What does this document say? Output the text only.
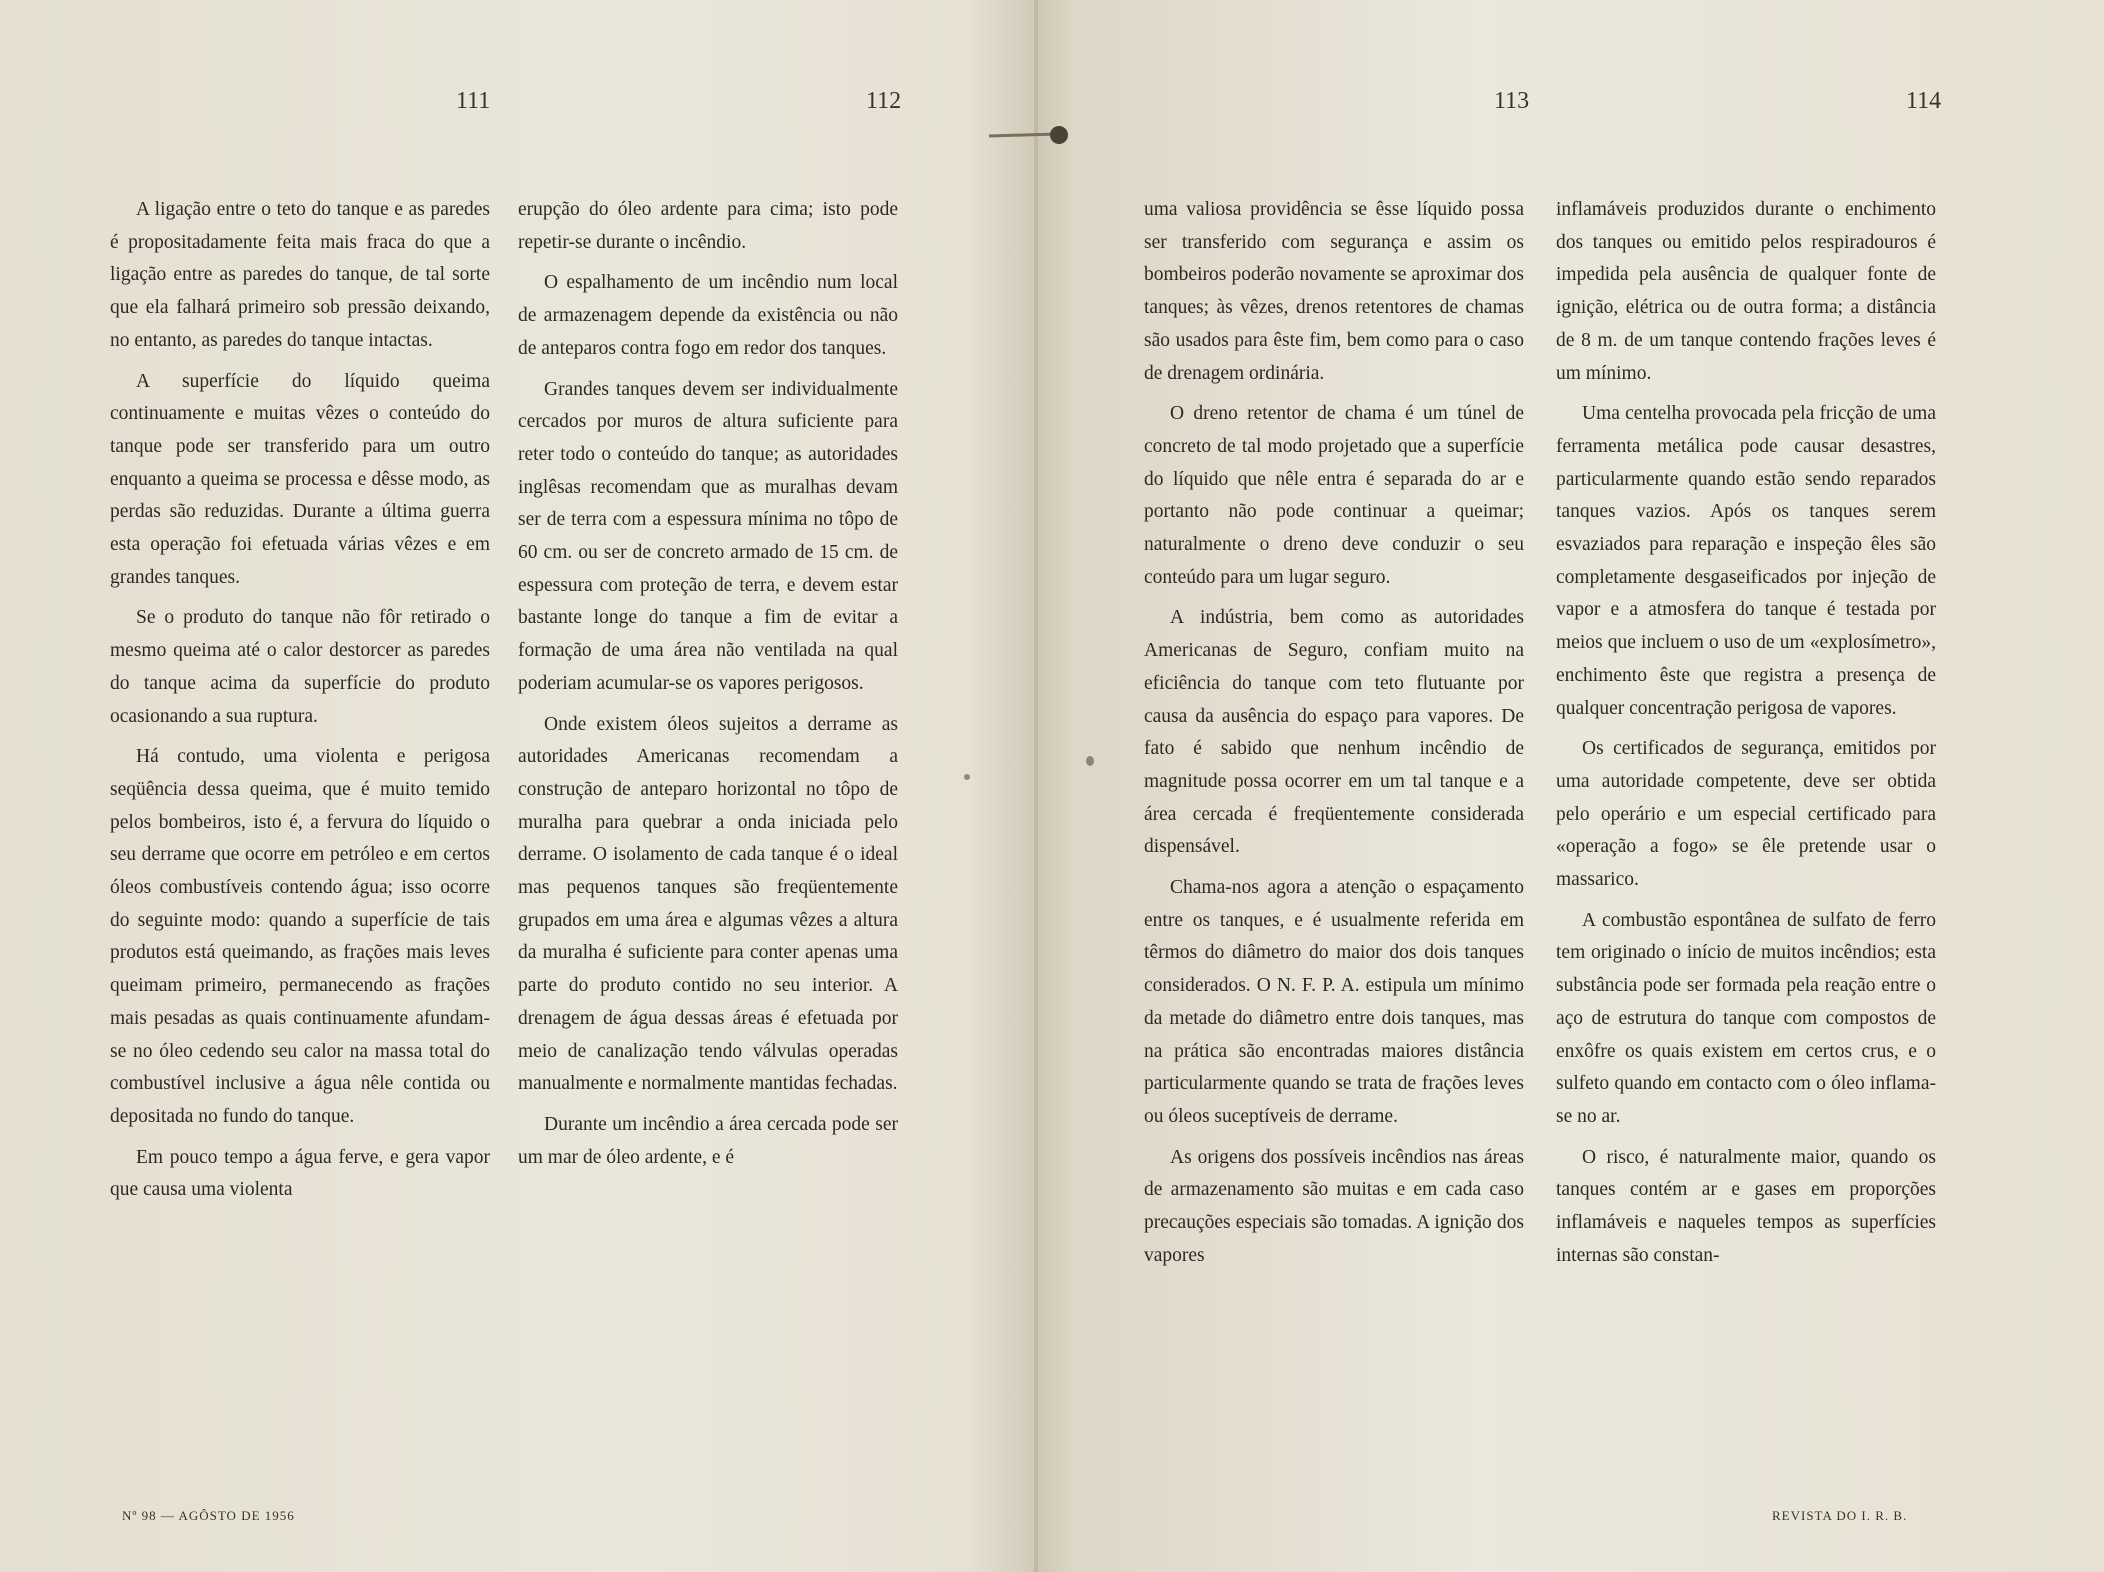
111	112	113	114

A ligação entre o teto do tanque e as paredes é propositadamente feita mais fraca do que a ligação entre as paredes do tanque, de tal sorte que ela falhará primeiro sob pressão deixando, no entanto, as paredes do tanque intactas.

A superfície do líquido queima continuamente e muitas vêzes o conteúdo do tanque pode ser transferido para um outro enquanto a queima se processa e dêsse modo, as perdas são reduzidas. Durante a última guerra esta operação foi efetuada várias vêzes e em grandes tanques.

Se o produto do tanque não fôr retirado o mesmo queima até o calor destorcer as paredes do tanque acima da superfície do produto ocasionando a sua ruptura.

Há contudo, uma violenta e perigosa seqüência dessa queima, que é muito temido pelos bombeiros, isto é, a fervura do líquido o seu derrame que ocorre em petróleo e em certos óleos combustíveis contendo água; isso ocorre do seguinte modo: quando a superfície de tais produtos está queimando, as frações mais leves queimam primeiro, permanecendo as frações mais pesadas as quais continuamente afundam-se no óleo cedendo seu calor na massa total do combustível inclusive a água nêle contida ou depositada no fundo do tanque.

Em pouco tempo a água ferve, e gera vapor que causa uma violenta

erupção do óleo ardente para cima; isto pode repetir-se durante o incêndio.

O espalhamento de um incêndio num local de armazenagem depende da existência ou não de anteparos contra fogo em redor dos tanques.

Grandes tanques devem ser individualmente cercados por muros de altura suficiente para reter todo o conteúdo do tanque; as autoridades inglêsas recomendam que as muralhas devam ser de terra com a espessura mínima no tôpo de 60 cm. ou ser de concreto armado de 15 cm. de espessura com proteção de terra, e devem estar bastante longe do tanque a fim de evitar a formação de uma área não ventilada na qual poderiam acumular-se os vapores perigosos.

Onde existem óleos sujeitos a derrame as autoridades Americanas recomendam a construção de anteparo horizontal no tôpo de muralha para quebrar a onda iniciada pelo derrame. O isolamento de cada tanque é o ideal mas pequenos tanques são freqüentemente grupados em uma área e algumas vêzes a altura da muralha é suficiente para conter apenas uma parte do produto contido no seu interior. A drenagem de água dessas áreas é efetuada por meio de canalização tendo válvulas operadas manualmente e normalmente mantidas fechadas.

Durante um incêndio a área cercada pode ser um mar de óleo ardente, e é

uma valiosa providência se êsse líquido possa ser transferido com segurança e assim os bombeiros poderão novamente se aproximar dos tanques; às vêzes, drenos retentores de chamas são usados para êste fim, bem como para o caso de drenagem ordinária.

O dreno retentor de chama é um túnel de concreto de tal modo projetado que a superfície do líquido que nêle entra é separada do ar e portanto não pode continuar a queimar; naturalmente o dreno deve conduzir o seu conteúdo para um lugar seguro.

A indústria, bem como as autoridades Americanas de Seguro, confiam muito na eficiência do tanque com teto flutuante por causa da ausência do espaço para vapores. De fato é sabido que nenhum incêndio de magnitude possa ocorrer em um tal tanque e a área cercada é freqüentemente considerada dispensável.

Chama-nos agora a atenção o espaçamento entre os tanques, e é usualmente referida em têrmos do diâmetro do maior dos dois tanques considerados. O N. F. P. A. estipula um mínimo da metade do diâmetro entre dois tanques, mas na prática são encontradas maiores distância particularmente quando se trata de frações leves ou óleos suceptíveis de derrame.

As origens dos possíveis incêndios nas áreas de armazenamento são muitas e em cada caso precauções especiais são tomadas. A ignição dos vapores

inflamáveis produzidos durante o enchimento dos tanques ou emitido pelos respiradouros é impedida pela ausência de qualquer fonte de ignição, elétrica ou de outra forma; a distância de 8 m. de um tanque contendo frações leves é um mínimo.

Uma centelha provocada pela fricção de uma ferramenta metálica pode causar desastres, particularmente quando estão sendo reparados tanques vazios. Após os tanques serem esvaziados para reparação e inspeção êles são completamente desgaseificados por injeção de vapor e a atmosfera do tanque é testada por meios que incluem o uso de um «explosímetro», enchimento êste que registra a presença de qualquer concentração perigosa de vapores.

Os certificados de segurança, emitidos por uma autoridade competente, deve ser obtida pelo operário e um especial certificado para «operação a fogo» se êle pretende usar o massarico.

A combustão espontânea de sulfato de ferro tem originado o início de muitos incêndios; esta substância pode ser formada pela reação entre o aço de estrutura do tanque com compostos de enxôfre os quais existem em certos crus, e o sulfeto quando em contacto com o óleo inflama-se no ar.

O risco, é naturalmente maior, quando os tanques contém ar e gases em proporções inflamáveis e naqueles tempos as superfícies internas são constan-

Nº 98 — AGÔSTO DE 1956	REVISTA DO I. R. B.
